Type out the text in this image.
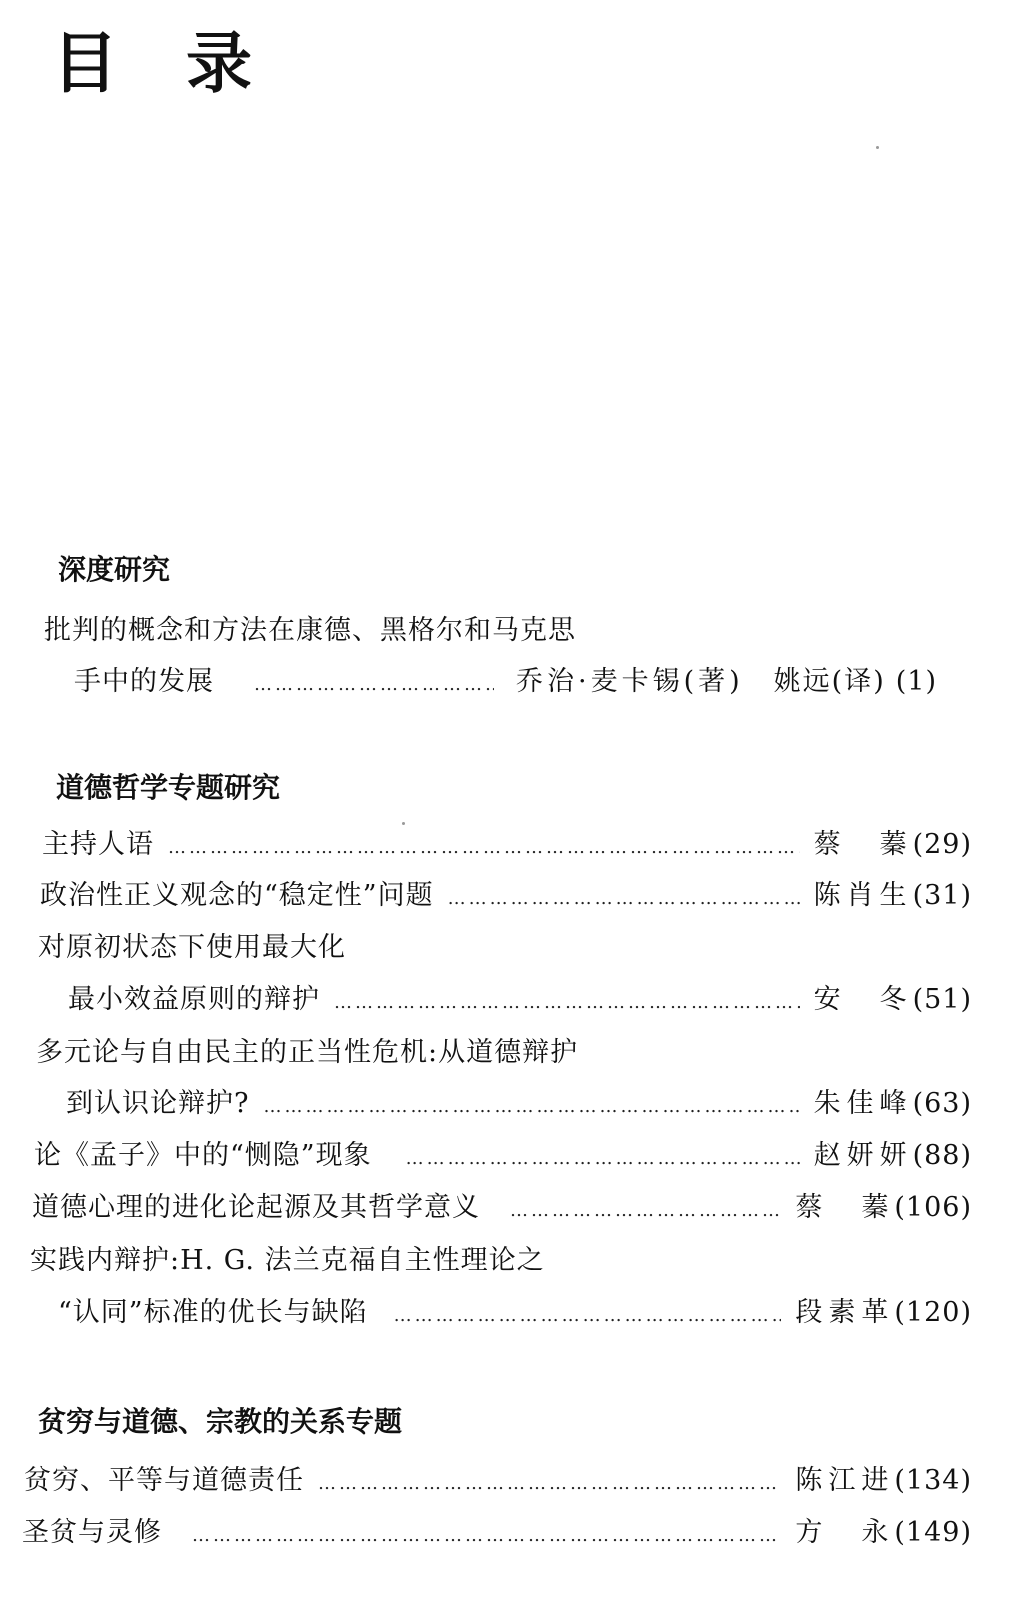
目 录
深度研究
批判的概念和方法在康德、黑格尔和马克思
手中的发展 …………………………………………………………………………………………………………………………………………	乔治·麦卡锡(著) 姚远(译) (1)
道德哲学专题研究
主持人语 …………………………………………………………………………………………………………………………………………	蔡　蓁 (29)
政治性正义观念的“稳定性”问题 …………………………………………………………………………………………………………………………………………	陈肖生 (31)
对原初状态下使用最大化
最小效益原则的辩护 …………………………………………………………………………………………………………………………………………	安　冬 (51)
多元论与自由民主的正当性危机:从道德辩护
到认识论辩护? …………………………………………………………………………………………………………………………………………	朱佳峰 (63)
论《孟子》中的“恻隐”现象 …………………………………………………………………………………………………………………………………………	赵妍妍 (88)
道德心理的进化论起源及其哲学意义 …………………………………………………………………………………………………………………………………………	蔡　蓁 (106)
实践内辩护:H. G. 法兰克福自主性理论之
“认同”标准的优长与缺陷 …………………………………………………………………………………………………………………………………………	段素革 (120)
贫穷与道德、宗教的关系专题
贫穷、平等与道德责任 …………………………………………………………………………………………………………………………………………	陈江进 (134)
圣贫与灵修 …………………………………………………………………………………………………………………………………………	方　永 (149)
